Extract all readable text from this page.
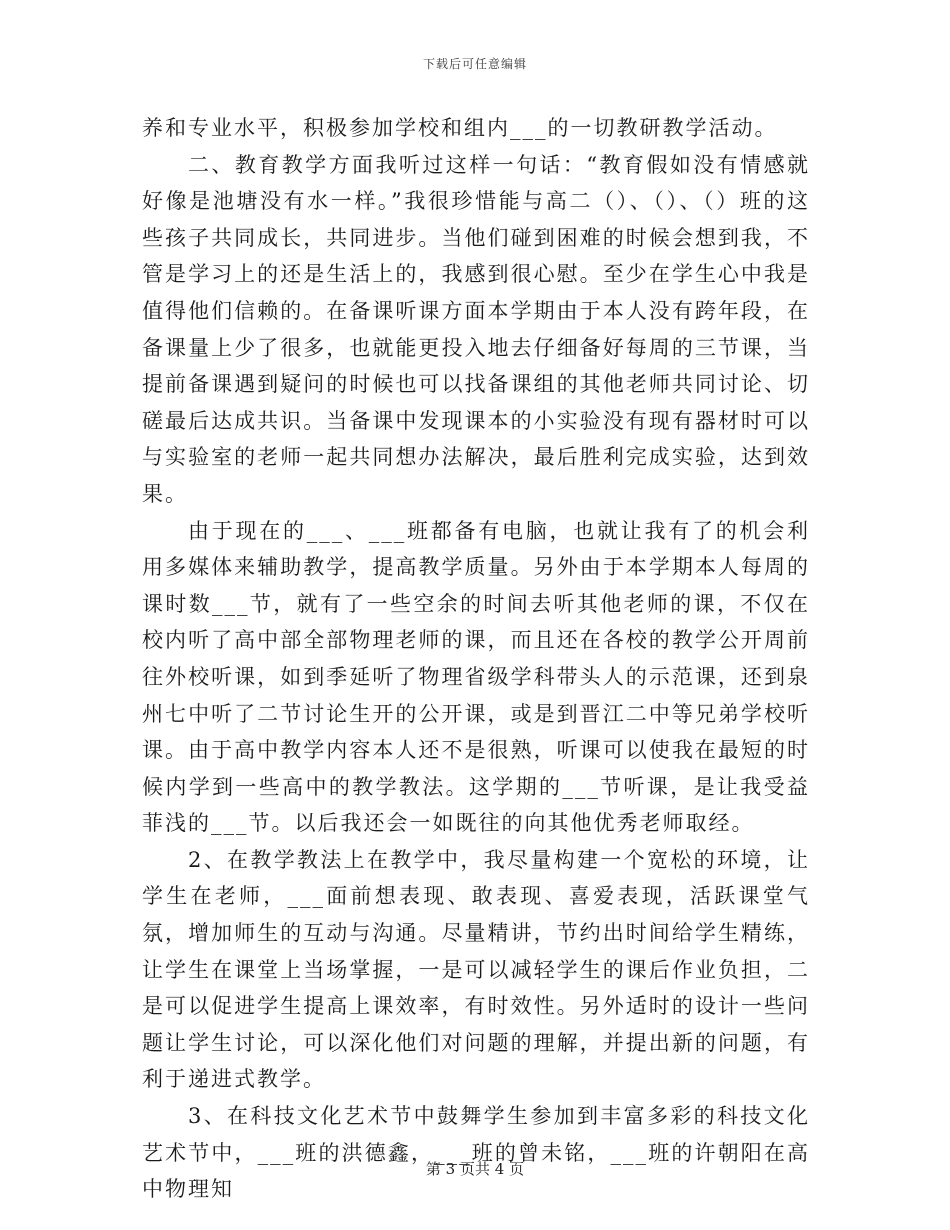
下载后可任意编辑

养和专业水平，积极参加学校和组内___的一切教研教学活动。

二、教育教学方面我听过这样一句话：“教育假如没有情感就好像是池塘没有水一样。”我很珍惜能与高二（）、（）、（）班的这些孩子共同成长，共同进步。当他们碰到困难的时候会想到我，不管是学习上的还是生活上的，我感到很心慰。至少在学生心中我是值得他们信赖的。在备课听课方面本学期由于本人没有跨年段，在备课量上少了很多，也就能更投入地去仔细备好每周的三节课，当提前备课遇到疑问的时候也可以找备课组的其他老师共同讨论、切磋最后达成共识。当备课中发现课本的小实验没有现有器材时可以与实验室的老师一起共同想办法解决，最后胜利完成实验，达到效果。

由于现在的___、___班都备有电脑，也就让我有了的机会利用多媒体来辅助教学，提高教学质量。另外由于本学期本人每周的课时数___节，就有了一些空余的时间去听其他老师的课，不仅在校内听了高中部全部物理老师的课，而且还在各校的教学公开周前往外校听课，如到季延听了物理省级学科带头人的示范课，还到泉州七中听了二节讨论生开的公开课，或是到晋江二中等兄弟学校听课。由于高中教学内容本人还不是很熟，听课可以使我在最短的时候内学到一些高中的教学教法。这学期的___节听课，是让我受益菲浅的___节。以后我还会一如既往的向其他优秀老师取经。

2、在教学教法上在教学中，我尽量构建一个宽松的环境，让学生在老师，___面前想表现、敢表现、喜爱表现，活跃课堂气氛，增加师生的互动与沟通。尽量精讲，节约出时间给学生精练，让学生在课堂上当场掌握，一是可以减轻学生的课后作业负担，二是可以促进学生提高上课效率，有时效性。另外适时的设计一些问题让学生讨论，可以深化他们对问题的理解，并提出新的问题，有利于递进式教学。

3、在科技文化艺术节中鼓舞学生参加到丰富多彩的科技文化艺术节中，___班的洪德鑫，___班的曾未铭，___班的许朝阳在高中物理知

第 3 页共 4 页
